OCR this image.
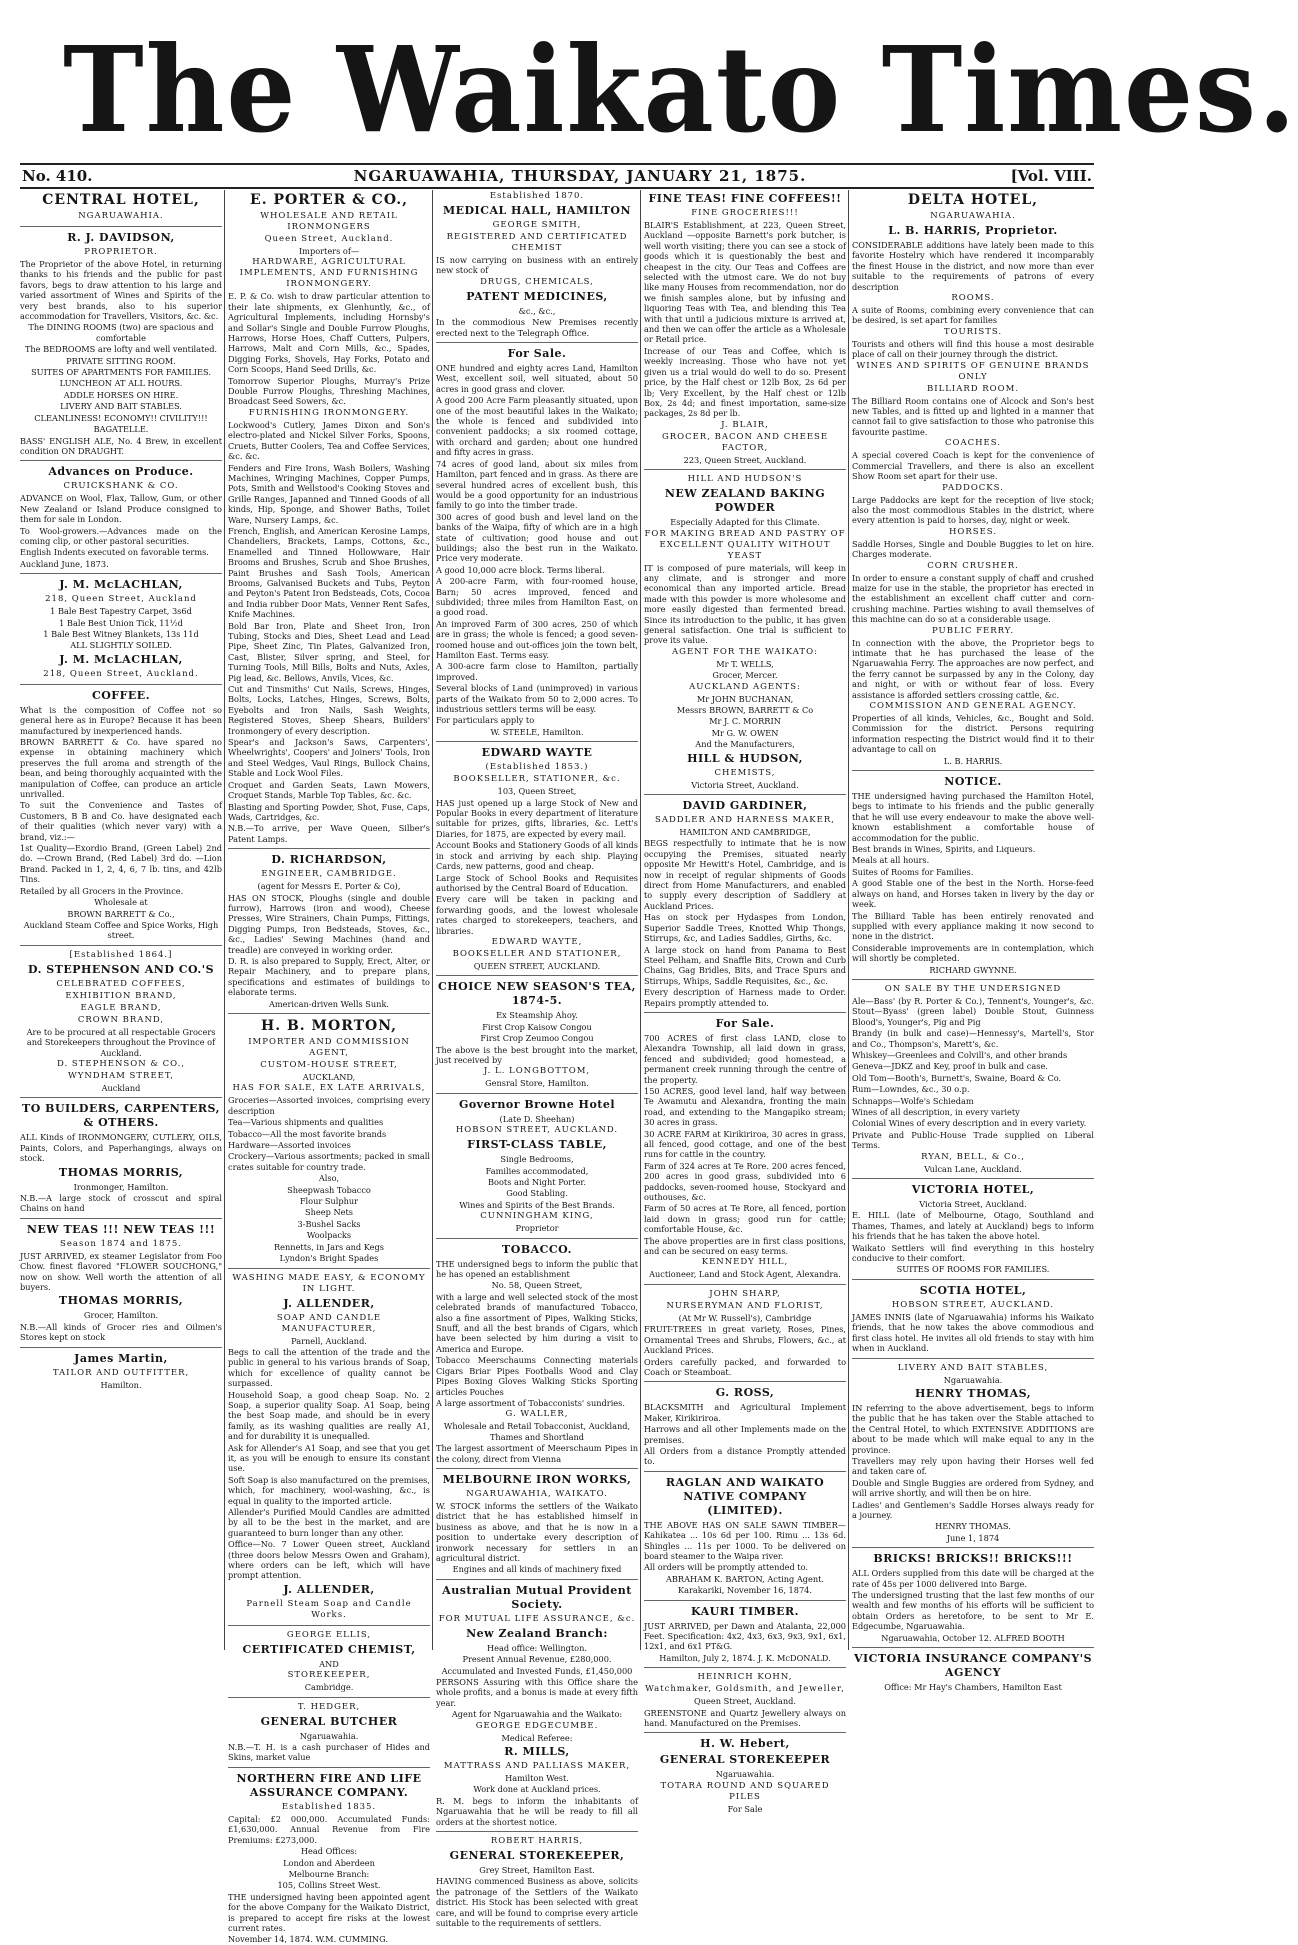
The Waikato Times.
No. 410.	NGARUAWAHIA, THURSDAY, JANUARY 21, 1875.	[Vol. VIII.
CENTRAL HOTEL,
NGARUAWAHIA.
R. J. DAVIDSON,
PROPRIETOR.
The Proprietor of the above Hotel, in returning thanks to his friends and the public for past favors, begs to draw attention to his large and varied assortment of Wines and Spirits of the very best brands, also to his superior accommodation for Travellers, Visitors, &c. &c.
The DINING ROOMS (two) are spacious and comfortable
The BEDROOMS are lofty and well ventilated.
PRIVATE SITTING ROOM.
SUITES OF APARTMENTS FOR FAMILIES.
LUNCHEON AT ALL HOURS.
ADDLE HORSES ON HIRE.
LIVERY AND BAIT STABLES.
CLEANLINESS! ECONOMY!! CIVILITY!!!
BAGATELLE.
BASS' ENGLISH ALE, No. 4 Brew, in excellent condition ON DRAUGHT.
Advances on Produce.
CRUICKSHANK & CO.
ADVANCE on Wool, Flax, Tallow, Gum, or other New Zealand or Island Produce consigned to them for sale in London.
To Wool-growers.—Advances made on the coming clip, or other pastoral securities.
English Indents executed on favorable terms.
Auckland June, 1873.
J. M. McLACHLAN,
218, Queen Street, Auckland
1 Bale Best Tapestry Carpet, 3s6d
1 Bale Best Union Tick, 11½d
1 Bale Best Witney Blankets, 13s 11d
ALL SLIGHTLY SOILED.
J. M. McLACHLAN,
218, Queen Street, Auckland.
COFFEE.
What is the composition of Coffee not so general here as in Europe? Because it has been manufactured by inexperienced hands.
BROWN BARRETT & Co. have spared no expense in obtaining machinery which preserves the full aroma and strength of the bean, and being thoroughly acquainted with the manipulation of Coffee, can produce an article unrivalled.
To suit the Convenience and Tastes of Customers, B B and Co. have designated each of their qualities (which never vary) with a brand, viz.:—
1st Quality—Exordio Brand, (Green Label) 2nd do. —Crown Brand, (Red Label) 3rd do. —Lion Brand. Packed in 1, 2, 4, 6, 7 lb. tins, and 42lb Tins.
Retailed by all Grocers in the Province.
Wholesale at
BROWN BARRETT & Co.,
Auckland Steam Coffee and Spice Works, High street.
[Established 1864.]
D. STEPHENSON AND CO.'S
CELEBRATED COFFEES,
EXHIBITION BRAND,
EAGLE BRAND,
CROWN BRAND,
Are to be procured at all respectable Grocers and Storekeepers throughout the Province of Auckland.
D. STEPHENSON & CO.,
WYNDHAM STREET,
Auckland
TO BUILDERS, CARPENTERS, & OTHERS.
ALL Kinds of IRONMONGERY, CUTLERY, OILS, Paints, Colors, and Paperhangings, always on stock.
THOMAS MORRIS,
Ironmonger, Hamilton.
N.B.—A large stock of crosscut and spiral Chains on hand
NEW TEAS !!! NEW TEAS !!!
Season 1874 and 1875.
JUST ARRIVED, ex steamer Legislator from Foo Chow. finest flavored "FLOWER SOUCHONG," now on show. Well worth the attention of all buyers.
THOMAS MORRIS,
Grocer, Hamilton.
N.B.—All kinds of Grocer ries and Oilmen's Stores kept on stock
James Martin,
TAILOR AND OUTFITTER,
Hamilton.
E. PORTER & CO.,
WHOLESALE AND RETAIL IRONMONGERS
Queen Street, Auckland.
Importers of—
HARDWARE, AGRICULTURAL IMPLEMENTS, AND FURNISHING IRONMONGERY.
E. P. & Co. wish to draw particular attention to their late shipments, ex Glenhuntly, &c., of Agricultural Implements, including Hornsby's and Sollar's Single and Double Furrow Ploughs, Harrows, Horse Hoes, Chaff Cutters, Pulpers, Harrows, Malt and Corn Mills, &c., Spades, Digging Forks, Shovels, Hay Forks, Potato and Corn Scoops, Hand Seed Drills, &c.
Tomorrow Superior Ploughs, Murray's Prize Double Furrow Ploughs, Threshing Machines, Broadcast Seed Sowers, &c.
FURNISHING IRONMONGERY.
Lockwood's Cutlery, James Dixon and Son's electro-plated and Nickel Silver Forks, Spoons, Cruets, Butter Coolers, Tea and Coffee Services, &c. &c.
Fenders and Fire Irons, Wash Boilers, Washing Machines, Wringing Machines, Copper Pumps, Pots, Smith and Wellstood's Cooking Stoves and Grille Ranges, Japanned and Tinned Goods of all kinds, Hip, Sponge, and Shower Baths, Toilet Ware, Nursery Lamps, &c.
French, English, and American Kerosine Lamps, Chandeliers, Brackets, Lamps, Cottons, &c., Enamelled and Tinned Hollowware, Hair Brooms and Brushes, Scrub and Shoe Brushes, Paint Brushes and Sash Tools, American Brooms, Galvanised Buckets and Tubs, Peyton and Peyton's Patent Iron Bedsteads, Cots, Cocoa and India rubber Door Mats, Venner Rent Safes, Knife Machines.
Bold Bar Iron, Plate and Sheet Iron, Iron Tubing, Stocks and Dies, Sheet Lead and Lead Pipe, Sheet Zinc, Tin Plates, Galvanized Iron, Cast, Blister, Silver spring, and Steel, for Turning Tools, Mill Bills, Bolts and Nuts, Axles, Pig lead, &c. Bellows, Anvils, Vices, &c.
Cut and Tinsmiths' Cut Nails, Screws, Hinges, Bolts, Locks, Latches, Hinges, Screws, Bolts, Eyebolts and Iron Nails, Sash Weights, Registered Stoves, Sheep Shears, Builders' Ironmongery of every description.
Spear's and Jackson's Saws, Carpenters', Wheelwrights', Coopers' and Joiners' Tools, Iron and Steel Wedges, Vaul Rings, Bullock Chains, Stable and Lock Wool Files.
Croquet and Garden Seats, Lawn Mowers, Croquet Stands, Marble Top Tables, &c. &c.
Blasting and Sporting Powder, Shot, Fuse, Caps, Wads, Cartridges, &c.
N.B.—To arrive, per Wave Queen, Silber's Patent Lamps.
D. RICHARDSON,
ENGINEER, CAMBRIDGE.
(agent for Messrs E. Porter & Co),
HAS ON STOCK, Ploughs (single and double furrow), Harrows (iron and wood), Cheese Presses, Wire Strainers, Chain Pumps, Fittings, Digging Pumps, Iron Bedsteads, Stoves, &c., &c., Ladies' Sewing Machines (hand and treadle) are conveyed in working order.
D. R. is also prepared to Supply, Erect, Alter, or Repair Machinery, and to prepare plans, specifications and estimates of buildings to elaborate terms.
American-driven Wells Sunk.
H. B. MORTON,
IMPORTER AND COMMISSION AGENT,
CUSTOM-HOUSE STREET,
AUCKLAND,
HAS FOR SALE, EX LATE ARRIVALS,
Groceries—Assorted invoices, comprising every description
Tea—Various shipments and qualities
Tobacco—All the most favorite brands
Hardware—Assorted invoices
Crockery—Various assortments; packed in small crates suitable for country trade.
Also,
Sheepwash Tobacco
Flour Sulphur
Sheep Nets
3-Bushel Sacks
Woolpacks
Rennetts, in Jars and Kegs
Lyndon's Bright Spades
WASHING MADE EASY, & ECONOMY IN LIGHT.
J. ALLENDER,
SOAP AND CANDLE MANUFACTURER,
Parnell, Auckland.
Begs to call the attention of the trade and the public in general to his various brands of Soap, which for excellence of quality cannot be surpassed.
Household Soap, a good cheap Soap. No. 2 Soap, a superior quality Soap. A1 Soap, being the best Soap made, and should be in every family, as its washing qualities are really A1, and for durability it is unequalled.
Ask for Allender's A1 Soap, and see that you get it, as you will be enough to ensure its constant use.
Soft Soap is also manufactured on the premises, which, for machinery, wool-washing, &c., is equal in quality to the imported article.
Allender's Purified Mould Candles are admitted by all to be the best in the market, and are guaranteed to burn longer than any other.
Office—No. 7 Lower Queen street, Auckland (three doors below Messrs Owen and Graham), where orders can be left, which will have prompt attention.
J. ALLENDER,
Parnell Steam Soap and Candle Works.
GEORGE ELLIS,
CERTIFICATED CHEMIST,
AND
STOREKEEPER,
Cambridge.
T. HEDGER,
GENERAL BUTCHER
Ngaruawahia.
N.B.—T. H. is a cash purchaser of Hides and Skins, market value
NORTHERN FIRE AND LIFE ASSURANCE COMPANY.
Established 1835.
Capital: £2 000,000. Accumulated Funds: £1,630,000. Annual Revenue from Fire Premiums: £273,000.
Head Offices:
London and Aberdeen
Melbourne Branch:
105, Collins Street West.
THE undersigned having been appointed agent for the above Company for the Waikato District, is prepared to accept fire risks at the lowest current rates.
November 14, 1874. W.M. CUMMING.
Established 1870.
MEDICAL HALL, HAMILTON
GEORGE SMITH,
REGISTERED AND CERTIFICATED CHEMIST
IS now carrying on business with an entirely new stock of
DRUGS, CHEMICALS,
PATENT MEDICINES,
&c., &c.,
In the commodious New Premises recently erected next to the Telegraph Office.
For Sale.
ONE hundred and eighty acres Land, Hamilton West, excellent soil, well situated, about 50 acres in good grass and clover.
A good 200 Acre Farm pleasantly situated, upon one of the most beautiful lakes in the Waikato; the whole is fenced and subdivided into convenient paddocks; a six roomed cottage, with orchard and garden; about one hundred and fifty acres in grass.
74 acres of good land, about six miles from Hamilton, part fenced and in grass. As there are several hundred acres of excellent bush, this would be a good opportunity for an industrious family to go into the timber trade.
300 acres of good bush and level land on the banks of the Waipa, fifty of which are in a high state of cultivation; good house and out buildings; also the best run in the Waikato. Price very moderate.
A good 10,000 acre block. Terms liberal.
A 200-acre Farm, with four-roomed house, Barn; 50 acres improved, fenced and subdivided; three miles from Hamilton East, on a good road.
An improved Farm of 300 acres, 250 of which are in grass; the whole is fenced; a good seven-roomed house and out-offices join the town belt, Hamilton East. Terms easy.
A 300-acre farm close to Hamilton, partially improved.
Several blocks of Land (unimproved) in various parts of the Waikato from 50 to 2,000 acres. To industrious settlers terms will be easy.
For particulars apply to
W. STEELE, Hamilton.
EDWARD WAYTE
(Established 1853.)
BOOKSELLER, STATIONER, &c.
103, Queen Street,
HAS just opened up a large Stock of New and Popular Books in every department of literature suitable for prizes, gifts, libraries, &c. Lett's Diaries, for 1875, are expected by every mail.
Account Books and Stationery Goods of all kinds in stock and arriving by each ship. Playing Cards, new patterns, good and cheap.
Large Stock of School Books and Requisites authorised by the Central Board of Education.
Every care will be taken in packing and forwarding goods, and the lowest wholesale rates charged to storekeepers, teachers, and libraries.
EDWARD WAYTE,
BOOKSELLER AND STATIONER,
QUEEN STREET, AUCKLAND.
CHOICE NEW SEASON'S TEA, 1874-5.
Ex Steamship Ahoy.
First Crop Kaisow Congou
First Crop Zeumoo Congou
The above is the best brought into the market, just received by
J. L. LONGBOTTOM,
Gensral Store, Hamilton.
Governor Browne Hotel
(Late D. Sheehan)
HOBSON STREET, AUCKLAND.
FIRST-CLASS TABLE,
Single Bedrooms,
Families accommodated,
Boots and Night Porter.
Good Stabling.
Wines and Spirits of the Best Brands.
CUNNINGHAM KING,
Proprietor
TOBACCO.
THE undersigned begs to inform the public that he has opened an establishment
No. 58, Queen Street,
with a large and well selected stock of the most celebrated brands of manufactured Tobacco, also a fine assortment of Pipes, Walking Sticks, Snuff, and all the best brands of Cigars, which have been selected by him during a visit to America and Europe.
Tobacco Meerschaums Connecting materials Cigars Briar Pipes Footballs Wood and Clay Pipes Boxing Gloves Walking Sticks Sporting articles Pouches
A large assortment of Tobacconists' sundries.
G. WALLER,
Wholesale and Retail Tobacconist, Auckland, Thames and Shortland
The largest assortment of Meerschaum Pipes in the colony, direct from Vienna
MELBOURNE IRON WORKS,
NGARUAWAHIA, WAIKATO.
W. STOCK informs the settlers of the Waikato district that he has established himself in business as above, and that he is now in a position to undertake every description of ironwork necessary for settlers in an agricultural district.
Engines and all kinds of machinery fixed
Australian Mutual Provident Society.
FOR MUTUAL LIFE ASSURANCE, &c.
New Zealand Branch:
Head office: Wellington.
Present Annual Revenue, £280,000.
Accumulated and Invested Funds, £1,450,000
PERSONS Assuring with this Office share the whole profits, and a bonus is made at every fifth year.
Agent for Ngaruawahia and the Waikato:
GEORGE EDGECUMBE.
Medical Referee:
R. MILLS,
MATTRASS AND PALLIASS MAKER,
Hamilton West.
Work done at Auckland prices.
R. M. begs to inform the inhabitants of Ngaruawahia that he will be ready to fill all orders at the shortest notice.
ROBERT HARRIS,
GENERAL STOREKEEPER,
Grey Street, Hamilton East.
HAVING commenced Business as above, solicits the patronage of the Settlers of the Waikato district. His Stock has been selected with great care, and will be found to comprise every article suitable to the requirements of settlers.
FINE TEAS! FINE COFFEES!!
FINE GROCERIES!!!
BLAIR'S Establishment, at 223, Queen Street, Auckland —opposite Barnett's pork butcher, is well worth visiting; there you can see a stock of goods which it is questionably the best and cheapest in the city. Our Teas and Coffees are selected with the utmost care. We do not buy like many Houses from recommendation, nor do we finish samples alone, but by infusing and liquoring Teas with Tea, and blending this Tea with that until a judicious mixture is arrived at, and then we can offer the article as a Wholesale or Retail price.
Increase of our Teas and Coffee, which is weekly increasing. Those who have not yet given us a trial would do well to do so. Present price, by the Half chest or 12lb Box, 2s 6d per lb; Very Excellent, by the Half chest or 12lb Box, 2s 4d; and finest importation, same-size packages, 2s 8d per lb.
J. BLAIR,
GROCER, BACON AND CHEESE FACTOR,
223, Queen Street, Auckland.
HILL AND HUDSON'S
NEW ZEALAND BAKING POWDER
Especially Adapted for this Climate.
FOR MAKING BREAD AND PASTRY OF EXCELLENT QUALITY WITHOUT YEAST
IT is composed of pure materials, will keep in any climate, and is stronger and more economical than any imported article. Bread made with this powder is more wholesome and more easily digested than fermented bread. Since its introduction to the public, it has given general satisfaction. One trial is sufficient to prove its value.
AGENT FOR THE WAIKATO:
Mr T. WELLS,
Grocer, Mercer.
AUCKLAND AGENTS:
Mr JOHN BUCHANAN,
Messrs BROWN, BARRETT & Co
Mr J. C. MORRIN
Mr G. W. OWEN
And the Manufacturers,
HILL & HUDSON,
CHEMISTS,
Victoria Street, Auckland.
DAVID GARDINER,
SADDLER AND HARNESS MAKER,
HAMILTON AND CAMBRIDGE,
BEGS respectfully to intimate that he is now occupying the Premises, situated nearly opposite Mr Hewitt's Hotel, Cambridge, and is now in receipt of regular shipments of Goods direct from Home Manufacturers, and enabled to supply every description of Saddlery at Auckland Prices.
Has on stock per Hydaspes from London, Superior Saddle Trees, Knotted Whip Thongs, Stirrups, &c, and Ladies Saddles, Girths, &c.
A large stock on hand from Panama to Best Steel Pelham, and Snaffle Bits, Crown and Curb Chains, Gag Bridles, Bits, and Trace Spurs and Stirrups, Whips, Saddle Requisites, &c., &c.
Every description of Harness made to Order. Repairs promptly attended to.
For Sale.
700 ACRES of first class LAND, close to Alexandra Township, all laid down in grass, fenced and subdivided; good homestead, a permanent creek running through the centre of the property.
150 ACRES, good level land, half way between Te Awamutu and Alexandra, fronting the main road, and extending to the Mangapiko stream; 30 acres in grass.
30 ACRE FARM at Kirikiriroa, 30 acres in grass, all fenced, good cottage, and one of the best runs for cattle in the country.
Farm of 324 acres at Te Rore. 200 acres fenced, 200 acres in good grass, subdivided into 6 paddocks, seven-roomed house, Stockyard and outhouses, &c.
Farm of 50 acres at Te Rore, all fenced, portion laid down in grass; good run for cattle; comfortable House, &c.
The above properties are in first class positions, and can be secured on easy terms.
KENNEDY HILL,
Auctioneer, Land and Stock Agent, Alexandra.
JOHN SHARP,
NURSERYMAN AND FLORIST,
(At Mr W. Russell's), Cambridge
FRUIT-TREES in great variety, Roses, Pines, Ornamental Trees and Shrubs, Flowers, &c., at Auckland Prices.
Orders carefully packed, and forwarded to Coach or Steamboat.
G. ROSS,
BLACKSMITH and Agricultural Implement Maker, Kirikiriroa.
Harrows and all other Implements made on the premises.
All Orders from a distance Promptly attended to.
RAGLAN AND WAIKATO NATIVE COMPANY (LIMITED).
THE ABOVE HAS ON SALE SAWN TIMBER— Kahikatea ... 10s 6d per 100. Rimu ... 13s 6d. Shingles ... 11s per 1000. To be delivered on board steamer to the Waipa river.
All orders will be promptly attended to.
ABRAHAM K. BARTON, Acting Agent.
Karakariki, November 16, 1874.
KAURI TIMBER.
JUST ARRIVED, per Dawn and Atalanta, 22,000 Feet. Specification: 4x2, 4x3, 6x3, 9x3, 9x1, 6x1, 12x1, and 6x1 PT&G.
Hamilton, July 2, 1874. J. K. McDONALD.
HEINRICH KOHN,
Watchmaker, Goldsmith, and Jeweller,
Queen Street, Auckland.
GREENSTONE and Quartz Jewellery always on hand. Manufactured on the Premises.
H. W. Hebert,
GENERAL STOREKEEPER
Ngaruawahia.
TOTARA ROUND AND SQUARED PILES
For Sale
DELTA HOTEL,
NGARUAWAHIA.
L. B. HARRIS, Proprietor.
CONSIDERABLE additions have lately been made to this favorite Hostelry which have rendered it incomparably the finest House in the district, and now more than ever suitable to the requirements of patrons of every description
ROOMS.
A suite of Rooms, combining every convenience that can be desired, is set apart for families
TOURISTS.
Tourists and others will find this house a most desirable place of call on their journey through the district.
WINES AND SPIRITS OF GENUINE BRANDS ONLY
BILLIARD ROOM.
The Billiard Room contains one of Alcock and Son's best new Tables, and is fitted up and lighted in a manner that cannot fail to give satisfaction to those who patronise this favourite pastime.
COACHES.
A special covered Coach is kept for the convenience of Commercial Travellers, and there is also an excellent Show Room set apart for their use.
PADDOCKS.
Large Paddocks are kept for the reception of live stock; also the most commodious Stables in the district, where every attention is paid to horses, day, night or week.
HORSES.
Saddle Horses, Single and Double Buggies to let on hire. Charges moderate.
CORN CRUSHER.
In order to ensure a constant supply of chaff and crushed maize for use in the stable, the proprietor has erected in the establishment an excellent chaff cutter and corn-crushing machine. Parties wishing to avail themselves of this machine can do so at a considerable usage.
PUBLIC FERRY.
In connection with the above, the Proprietor begs to intimate that he has purchased the lease of the Ngaruawahia Ferry. The approaches are now perfect, and the ferry cannot be surpassed by any in the Colony, day and night, or with or without fear of loss. Every assistance is afforded settlers crossing cattle, &c.
COMMISSION AND GENERAL AGENCY.
Properties of all kinds, Vehicles, &c., Bought and Sold. Commission for the district. Persons requiring information respecting the District would find it to their advantage to call on
L. B. HARRIS.
NOTICE.
THE undersigned having purchased the Hamilton Hotel, begs to intimate to his friends and the public generally that he will use every endeavour to make the above well-known establishment a comfortable house of accommodation for the public.
Best brands in Wines, Spirits, and Liqueurs.
Meals at all hours.
Suites of Rooms for Families.
A good Stable one of the best in the North. Horse-feed always on hand, and Horses taken in livery by the day or week.
The Billiard Table has been entirely renovated and supplied with every appliance making it now second to none in the district.
Considerable improvements are in contemplation, which will shortly be completed.
RICHARD GWYNNE.
ON SALE BY THE UNDERSIGNED
Ale—Bass' (by R. Porter & Co.), Tennent's, Younger's, &c. Stout—Byass' (green label) Double Stout, Guinness Blood's, Younger's, Pig and Pig
Brandy (in bulk and case)—Hennessy's, Martell's, Stor and Co., Thompson's, Marett's, &c.
Whiskey—Greenlees and Colvill's, and other brands
Geneva—JDKZ and Key, proof in bulk and case.
Old Tom—Booth's, Burnett's, Swaine, Board & Co.
Rum—Lowndes, &c., 30 o.p.
Schnapps—Wolfe's Schiedam
Wines of all description, in every variety
Colonial Wines of every description and in every variety.
Private and Public-House Trade supplied on Liberal Terms.
RYAN, BELL, & Co.,
Vulcan Lane, Auckland.
VICTORIA HOTEL,
Victoria Street, Auckland.
E. HILL (late of Melbourne, Otago, Southland and Thames, Thames, and lately at Auckland) begs to inform his friends that he has taken the above hotel.
Waikato Settlers will find everything in this hostelry conducive to their comfort.
SUITES OF ROOMS FOR FAMILIES.
SCOTIA HOTEL,
HOBSON STREET, AUCKLAND.
JAMES INNIS (late of Ngaruawahia) informs his Waikato friends, that he now takes the above commodious and first class hotel. He invites all old friends to stay with him when in Auckland.
LIVERY AND BAIT STABLES,
Ngaruawahia.
HENRY THOMAS,
IN referring to the above advertisement, begs to inform the public that he has taken over the Stable attached to the Central Hotel, to which EXTENSIVE ADDITIONS are about to be made which will make equal to any in the province.
Travellers may rely upon having their Horses well fed and taken care of.
Double and Single Buggies are ordered from Sydney, and will arrive shortly, and will then be on hire.
Ladies' and Gentlemen's Saddle Horses always ready for a journey.
HENRY THOMAS.
June 1, 1874
BRICKS! BRICKS!! BRICKS!!!
ALL Orders supplied from this date will be charged at the rate of 45s per 1000 delivered into Barge.
The undersigned trusting that the last few months of our wealth and few months of his efforts will be sufficient to obtain Orders as heretofore, to be sent to Mr E. Edgecumbe, Ngaruawahia.
Ngaruawahia, October 12. ALFRED BOOTH
VICTORIA INSURANCE COMPANY'S AGENCY
Office: Mr Hay's Chambers, Hamilton East
